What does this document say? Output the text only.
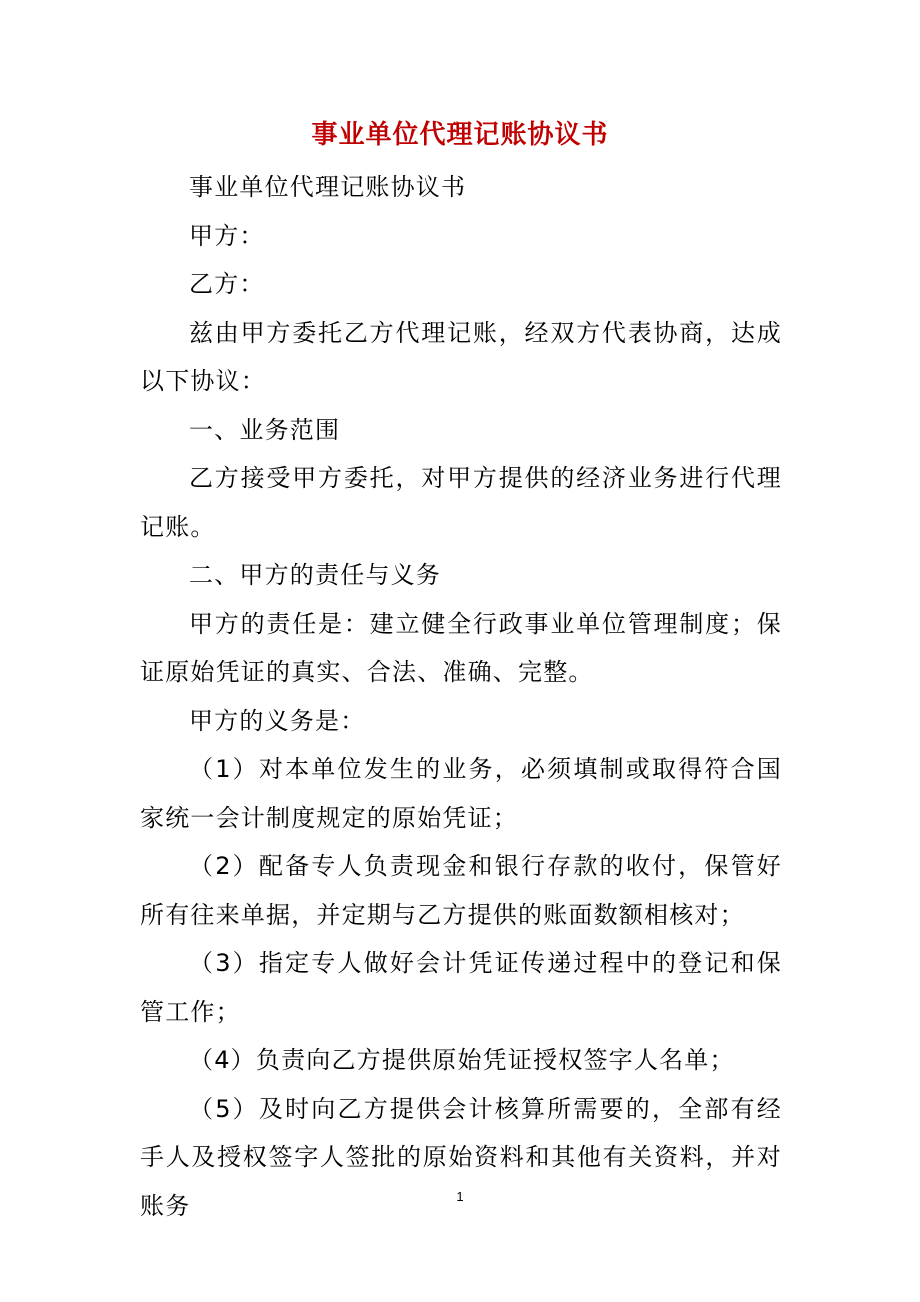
事业单位代理记账协议书

事业单位代理记账协议书

甲方：

乙方：

兹由甲方委托乙方代理记账，经双方代表协商，达成以下协议：

一、业务范围

乙方接受甲方委托，对甲方提供的经济业务进行代理记账。

二、甲方的责任与义务

甲方的责任是：建立健全行政事业单位管理制度；保证原始凭证的真实、合法、准确、完整。

甲方的义务是：

（1）对本单位发生的业务，必须填制或取得符合国家统一会计制度规定的原始凭证；

（2）配备专人负责现金和银行存款的收付，保管好所有往来单据，并定期与乙方提供的账面数额相核对；

（3）指定专人做好会计凭证传递过程中的登记和保管工作；

（4）负责向乙方提供原始凭证授权签字人名单；

（5）及时向乙方提供会计核算所需要的，全部有经手人及授权签字人签批的原始资料和其他有关资料，并对账务	1
